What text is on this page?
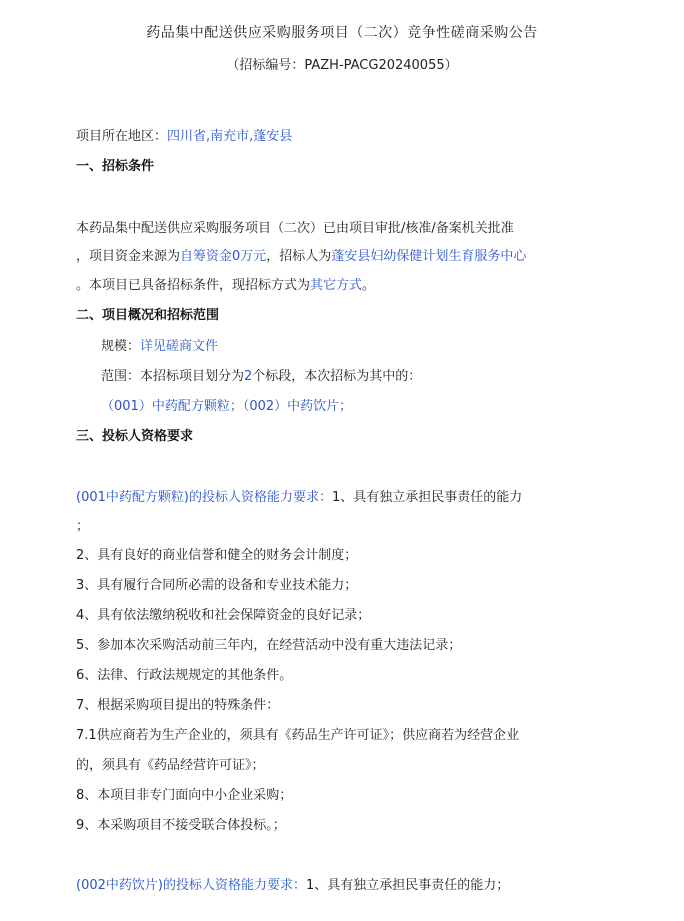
药品集中配送供应采购服务项目（二次）竞争性磋商采购公告
（招标编号：PAZH-PACG20240055）
项目所在地区：四川省,南充市,蓬安县
一、招标条件
本药品集中配送供应采购服务项目（二次）已由项目审批/核准/备案机关批准
，项目资金来源为自筹资金0万元，招标人为蓬安县妇幼保健计划生育服务中心
。本项目已具备招标条件，现招标方式为其它方式。
二、项目概况和招标范围
规模：详见磋商文件
范围：本招标项目划分为2个标段，本次招标为其中的：
（001）中药配方颗粒；（002）中药饮片；
三、投标人资格要求
(001中药配方颗粒)的投标人资格能力要求：1、具有独立承担民事责任的能力
；
2、具有良好的商业信誉和健全的财务会计制度；
3、具有履行合同所必需的设备和专业技术能力；
4、具有依法缴纳税收和社会保障资金的良好记录；
5、参加本次采购活动前三年内，在经营活动中没有重大违法记录；
6、法律、行政法规规定的其他条件。
7、根据采购项目提出的特殊条件：
7.1供应商若为生产企业的，须具有《药品生产许可证》；供应商若为经营企业
的，须具有《药品经营许可证》；
8、本项目非专门面向中小企业采购；
9、本采购项目不接受联合体投标。；
(002中药饮片)的投标人资格能力要求：1、具有独立承担民事责任的能力；
